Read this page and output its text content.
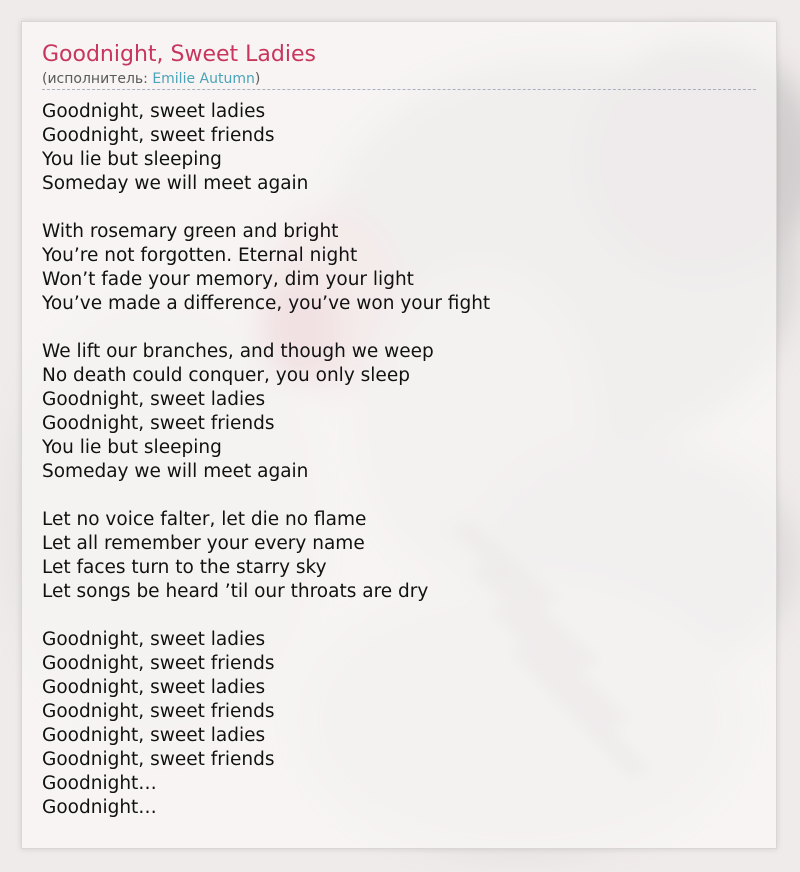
Goodnight, Sweet Ladies
(исполнитель: Emilie Autumn)
Goodnight, sweet ladies
Goodnight, sweet friends
You lie but sleeping
Someday we will meet again
With rosemary green and bright
You’re not forgotten. Eternal night
Won’t fade your memory, dim your light
You’ve made a difference, you’ve won your fight
We lift our branches, and though we weep
No death could conquer, you only sleep
Goodnight, sweet ladies
Goodnight, sweet friends
You lie but sleeping
Someday we will meet again
Let no voice falter, let die no flame
Let all remember your every name
Let faces turn to the starry sky
Let songs be heard ’til our throats are dry
Goodnight, sweet ladies
Goodnight, sweet friends
Goodnight, sweet ladies
Goodnight, sweet friends
Goodnight, sweet ladies
Goodnight, sweet friends
Goodnight…
Goodnight…
